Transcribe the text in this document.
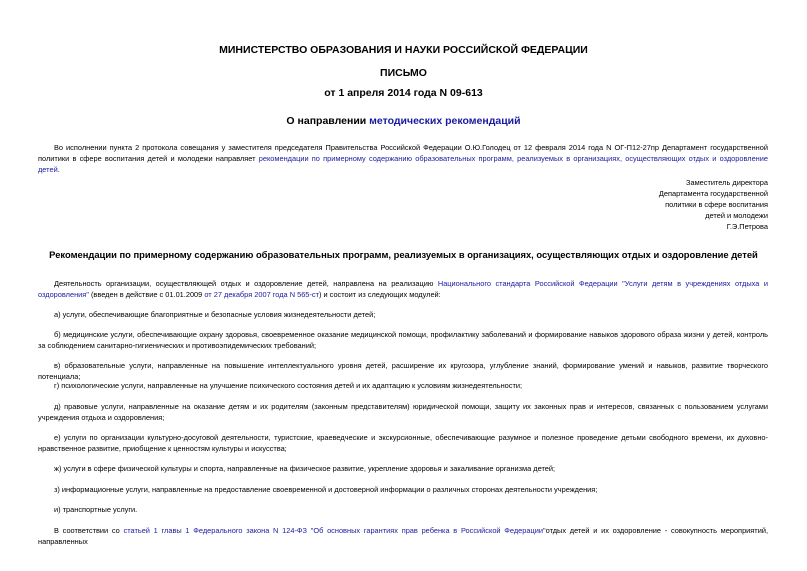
МИНИСТЕРСТВО ОБРАЗОВАНИЯ И НАУКИ РОССИЙСКОЙ ФЕДЕРАЦИИ
ПИСЬМО
от 1 апреля 2014 года N 09-613
О направлении методических рекомендаций
Во исполнении пункта 2 протокола совещания у заместителя председателя Правительства Российской Федерации О.Ю.Голодец от 12 февраля 2014 года N ОГ-П12-27пр Департамент государственной политики в сфере воспитания детей и молодежи направляет рекомендации по примерному содержанию образовательных программ, реализуемых в организациях, осуществляющих отдых и оздоровление детей.
Заместитель директора
Департамента государственной
политики в сфере воспитания
детей и молодежи
Г.Э.Петрова
Рекомендации по примерному содержанию образовательных программ, реализуемых в организациях, осуществляющих отдых и оздоровление детей
Деятельность организации, осуществляющей отдых и оздоровление детей, направлена на реализацию Национального стандарта Российской Федерации "Услуги детям в учреждениях отдыха и оздоровления" (введен в действие с 01.01.2009 от 27 декабря 2007 года N 565-ст) и состоит из следующих модулей:
а) услуги, обеспечивающие благоприятные и безопасные условия жизнедеятельности детей;
б) медицинские услуги, обеспечивающие охрану здоровья, своевременное оказание медицинской помощи, профилактику заболеваний и формирование навыков здорового образа жизни у детей, контроль за соблюдением санитарно-гигиенических и противоэпидемических требований;
в) образовательные услуги, направленные на повышение интеллектуального уровня детей, расширение их кругозора, углубление знаний, формирование умений и навыков, развитие творческого потенциала;
г) психологические услуги, направленные на улучшение психического состояния детей и их адаптацию к условиям жизнедеятельности;
д) правовые услуги, направленные на оказание детям и их родителям (законным представителям) юридической помощи, защиту их законных прав и интересов, связанных с пользованием услугами учреждения отдыха и оздоровления;
е) услуги по организации культурно-досуговой деятельности, туристские, краеведческие и экскурсионные, обеспечивающие разумное и полезное проведение детьми свободного времени, их духовно-нравственное развитие, приобщение к ценностям культуры и искусства;
ж) услуги в сфере физической культуры и спорта, направленные на физическое развитие, укрепление здоровья и закаливание организма детей;
з) информационные услуги, направленные на предоставление своевременной и достоверной информации о различных сторонах деятельности учреждения;
и) транспортные услуги.
В соответствии со статьей 1 главы 1 Федерального закона N 124-ФЗ "Об основных гарантиях прав ребенка в Российской Федерации"отдых детей и их оздоровление - совокупность мероприятий, направленных
